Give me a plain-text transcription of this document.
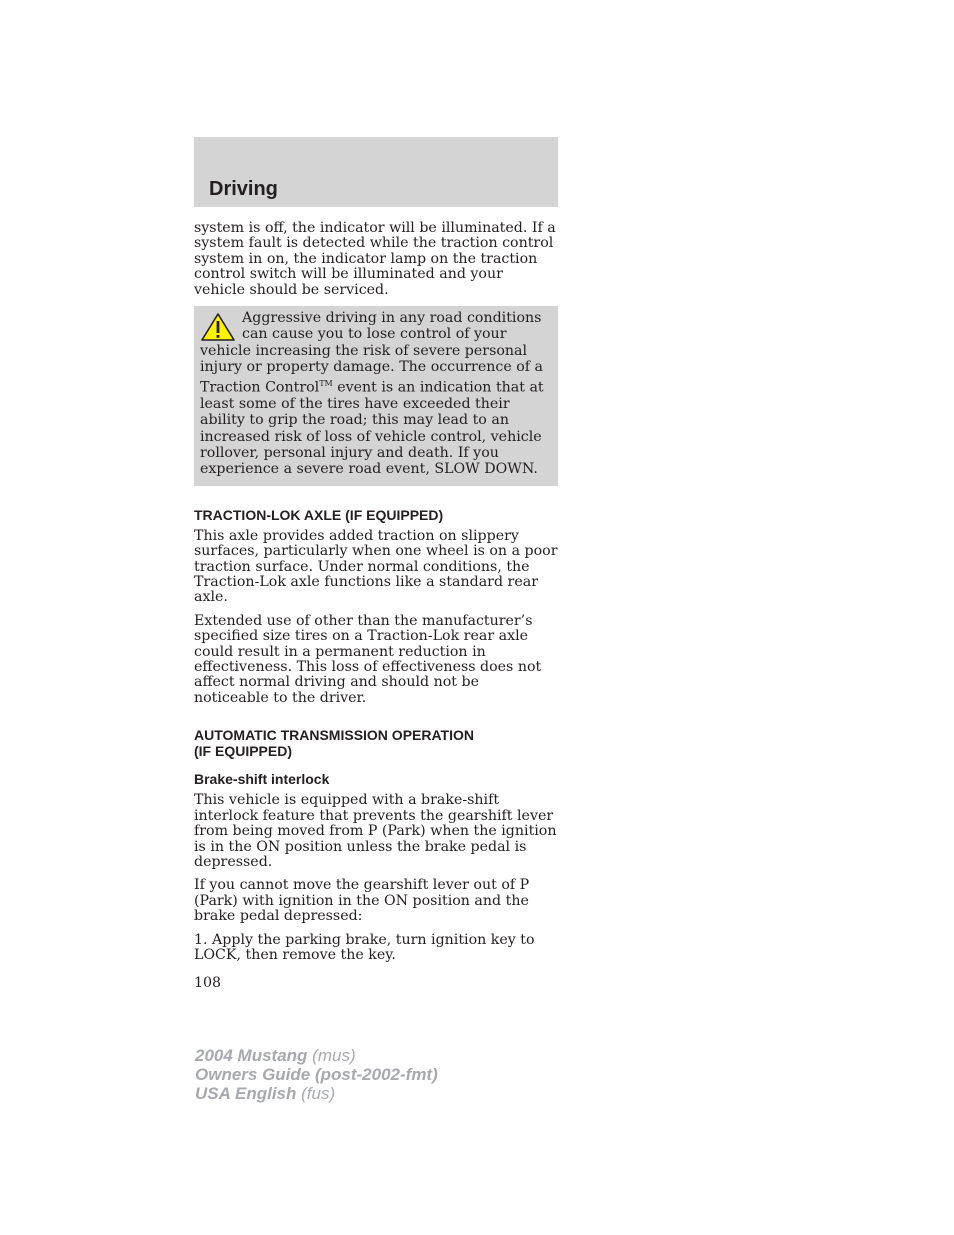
Driving

system is off, the indicator will be illuminated. If a system fault is detected while the traction control system in on, the indicator lamp on the traction control switch will be illuminated and your vehicle should be serviced.

Aggressive driving in any road conditions can cause you to lose control of your vehicle increasing the risk of severe personal injury or property damage. The occurrence of a Traction Control™ event is an indication that at least some of the tires have exceeded their ability to grip the road; this may lead to an increased risk of loss of vehicle control, vehicle rollover, personal injury and death. If you experience a severe road event, SLOW DOWN.
TRACTION-LOK AXLE (IF EQUIPPED)

This axle provides added traction on slippery surfaces, particularly when one wheel is on a poor traction surface. Under normal conditions, the Traction-Lok axle functions like a standard rear axle.

Extended use of other than the manufacturer’s specified size tires on a Traction-Lok rear axle could result in a permanent reduction in effectiveness. This loss of effectiveness does not affect normal driving and should not be noticeable to the driver.

AUTOMATIC TRANSMISSION OPERATION
(IF EQUIPPED)
Brake-shift interlock

This vehicle is equipped with a brake-shift interlock feature that prevents the gearshift lever from being moved from P (Park) when the ignition is in the ON position unless the brake pedal is depressed.

If you cannot move the gearshift lever out of P (Park) with ignition in the ON position and the brake pedal depressed:

1. Apply the parking brake, turn ignition key to LOCK, then remove the key.

108
2004 Mustang (mus)
Owners Guide (post-2002-fmt)
USA English (fus)
